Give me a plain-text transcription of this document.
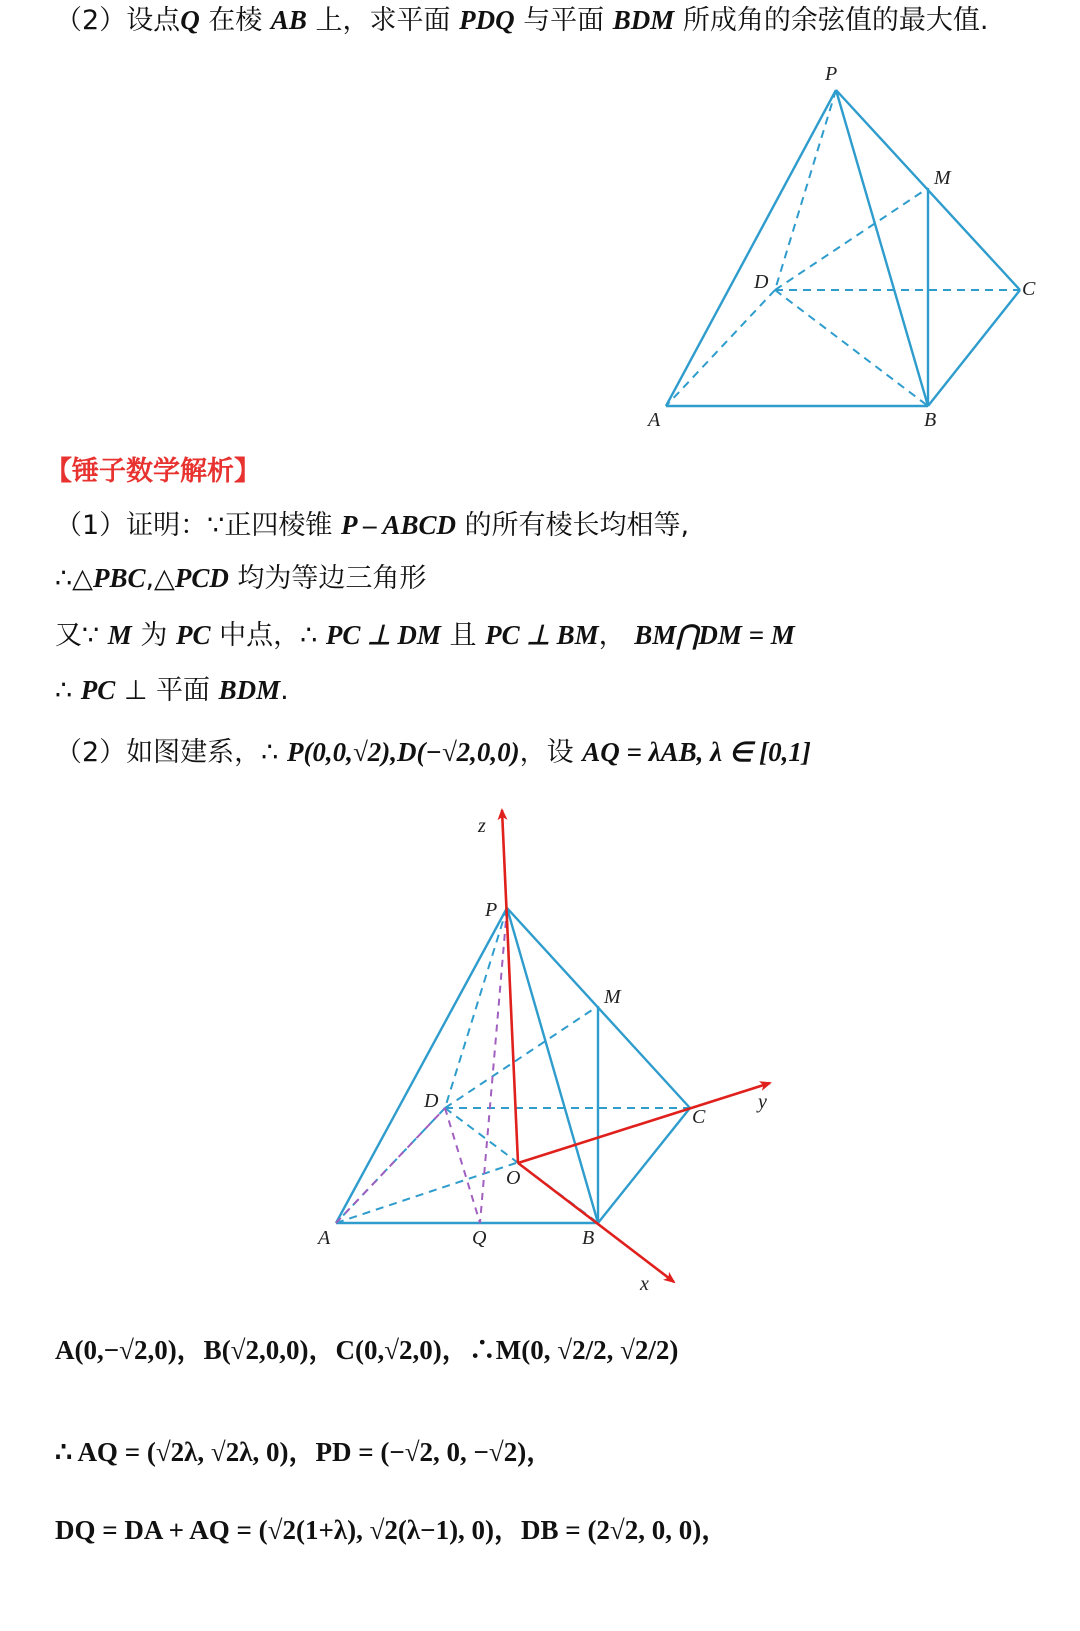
（2）设点Q 在棱 AB 上，求平面 PDQ 与平面 BDM 所成角的余弦值的最大值.
P
M
D	C
A	B
【锤子数学解析】
（1）证明：∵正四棱锥 P – ABCD 的所有棱长均相等,
∴△PBC,△PCD 均为等边三角形
又∵ M 为 PC 中点，∴ PC ⊥ DM 且 PC ⊥ BM， BM⋂DM = M
∴ PC ⊥ 平面 BDM.
（2）如图建系，∴ P(0,0,√2),D(−√2,0,0)，设 AQ = λAB, λ ∈ [0,1]
z
P
M
D
C
y
O
A	Q	B
x
A(0,−√2,0)，B(√2,0,0)，C(0,√2,0)，∴M(0, √2/2, √2/2)
∴ AQ = (√2λ, √2λ, 0)，PD = (−√2, 0, −√2)，
DQ = DA + AQ = (√2(1+λ), √2(λ−1), 0)，DB = (2√2, 0, 0)，
